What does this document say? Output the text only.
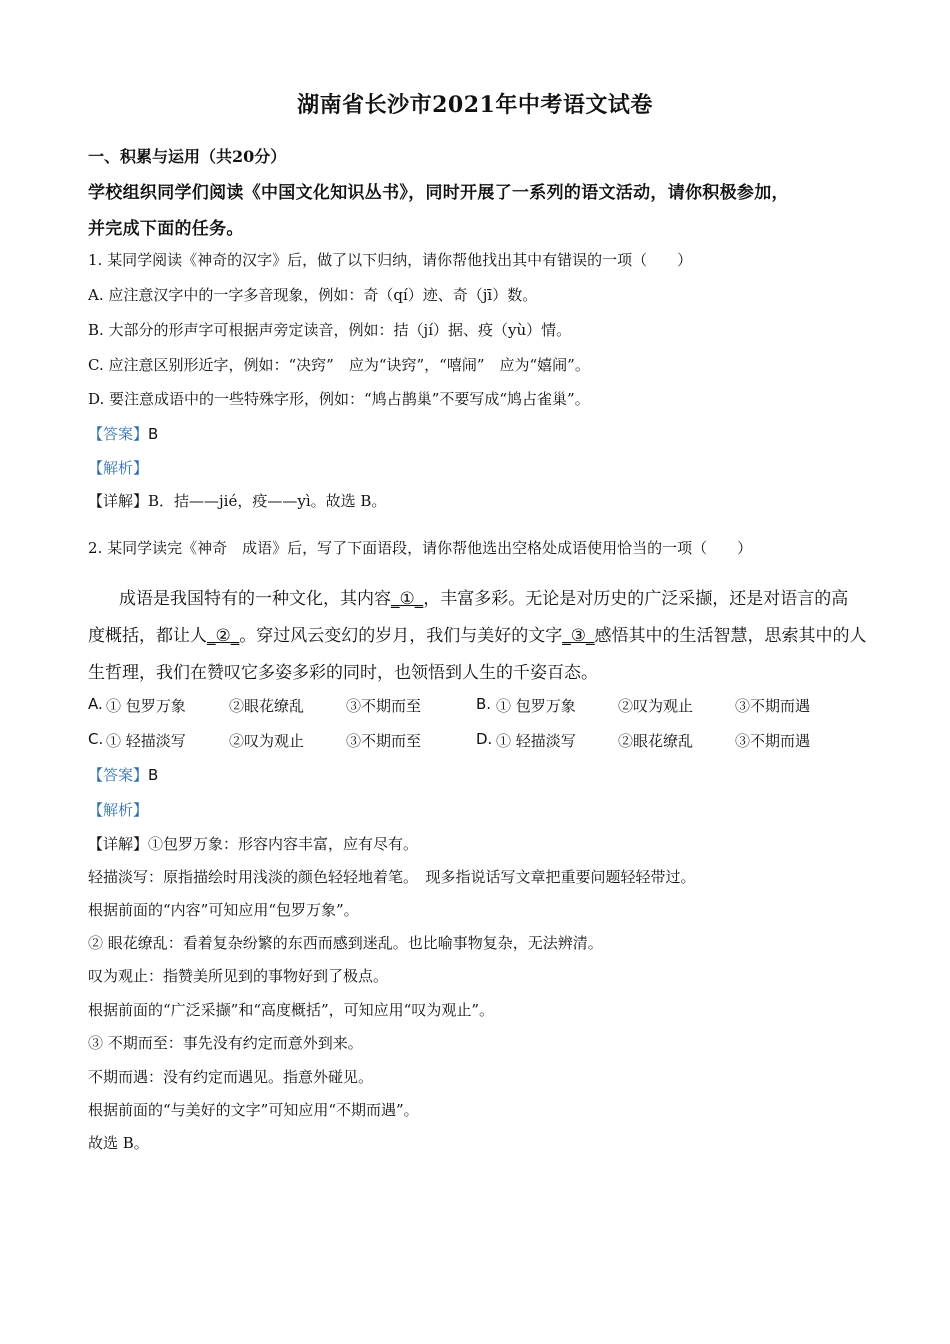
湖南省长沙市2021年中考语文试卷
一、积累与运用（共20分）
学校组织同学们阅读《中国文化知识丛书》，同时开展了一系列的语文活动，请你积极参加，
并完成下面的任务。
1. 某同学阅读《神奇的汉字》后，做了以下归纳，请你帮他找出其中有错误的一项（　　）
A. 应注意汉字中的一字多音现象，例如：奇（qí）迹、奇（jī）数。
B. 大部分的形声字可根据声旁定读音，例如：拮（jí）据、疫（yù）情。
C. 应注意区别形近字，例如：“决窍”　应为“诀窍”，“嘻闹”　应为“嬉闹”。
D. 要注意成语中的一些特殊字形，例如：“鸠占鹊巢”不要写成“鸠占雀巢”。
【答案】B
【解析】
【详解】B．拮——jié，疫——yì。故选 B。
2. 某同学读完《神奇　成语》后，写了下面语段，请你帮他选出空格处成语使用恰当的一项（　　）
成语是我国特有的一种文化，其内容_①_，丰富多彩。无论是对历史的广泛采撷，还是对语言的高
度概括，都让人_②_。穿过风云变幻的岁月，我们与美好的文字_③_感悟其中的生活智慧，思索其中的人
生哲理，我们在赞叹它多姿多彩的同时，也领悟到人生的千姿百态。
A. ① 包罗万象	②眼花缭乱	③不期而至	B. ① 包罗万象	②叹为观止	③不期而遇
C. ① 轻描淡写	②叹为观止	③不期而至	D. ① 轻描淡写	②眼花缭乱	③不期而遇
【答案】B
【解析】
【详解】①包罗万象：形容内容丰富，应有尽有。
轻描淡写：原指描绘时用浅淡的颜色轻轻地着笔。　现多指说话写文章把重要问题轻轻带过。
根据前面的“内容”可知应用“包罗万象”。
② 眼花缭乱：看着复杂纷繁的东西而感到迷乱。也比喻事物复杂，无法辨清。
叹为观止：指赞美所见到的事物好到了极点。
根据前面的“广泛采撷”和“高度概括”，可知应用“叹为观止”。
③ 不期而至：事先没有约定而意外到来。
不期而遇：没有约定而遇见。指意外碰见。
根据前面的“与美好的文字”可知应用“不期而遇”。
故选 B。
